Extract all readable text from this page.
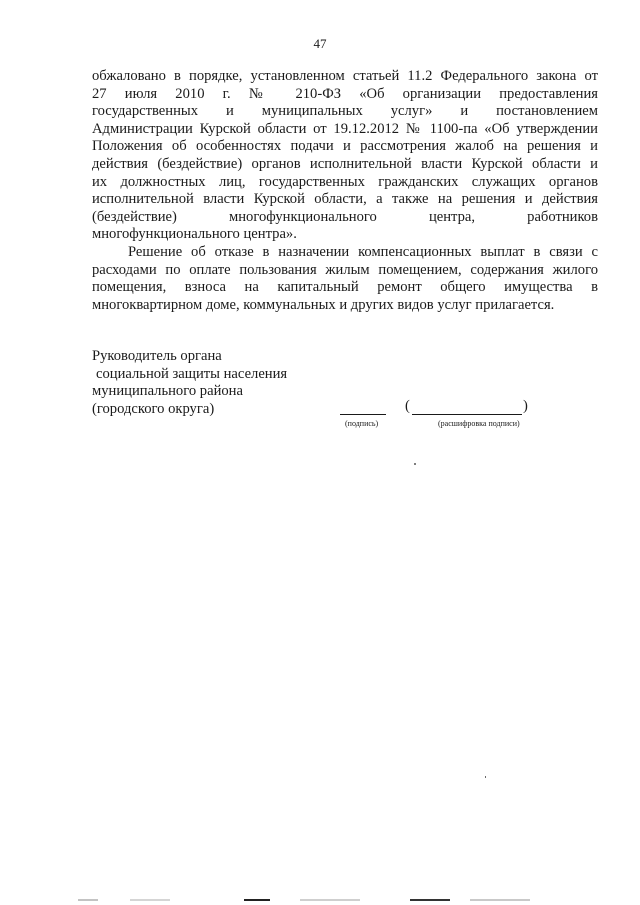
47
обжаловано в порядке, установленном статьей 11.2 Федерального закона от
27 июля 2010 г. № 210-ФЗ «Об организации предоставления
государственных и муниципальных услуг» и постановлением
Администрации Курской области от 19.12.2012 № 1100-па «Об утверждении
Положения об особенностях подачи и рассмотрения жалоб на решения и
действия (бездействие) органов исполнительной власти Курской области и
их должностных лиц, государственных гражданских служащих органов
исполнительной власти Курской области, а также на решения и действия
(бездействие) многофункционального центра, работников
многофункционального центра».
Решение об отказе в назначении компенсационных выплат в связи с
расходами по оплате пользования жилым помещением, содержания жилого
помещения, взноса на капитальный ремонт общего имущества в
многоквартирном доме, коммунальных и других видов услуг прилагается.
Руководитель органа
социальной защиты населения
муниципального района
(городского округа)
(подпись)
(	)
(расшифровка подписи)
